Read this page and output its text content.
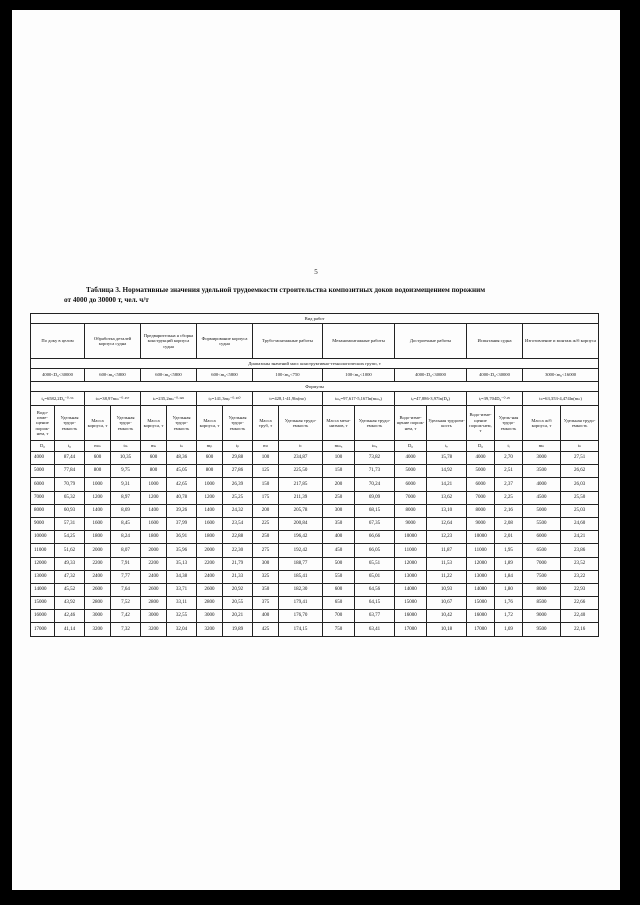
5
Таблица 3. Нормативные значения удельной трудоемкости строительства композитных доков водоизмещением порожним
от 4000 до 30000 т, чел. ч/т
Вид работ																	
По доку в целом		Обработка деталей корпуса судна		Предварительна я сборка конструкций корпуса судна		Формирование корпуса судна		Трубо-монтажные работы		Механомонтажные работы		Достроечные работы		Испытания судна		Изготовление и монтаж ж/б корпуса	
Диапазоны значений масс конструктивно-технологических групп, т																	
4000<D₀<30000		600<m₀<5800		600<m₀<5800		600<m₀<5800		100<m₀<750		100<m₀<1000		4000<D₀<30000		4000<D₀<30000		3000<m₀<16000	
Формулы																	
t₀=6582,2D₀⁻⁰·⁵⁶		tₘ=38,97mₘ⁻⁰·²⁵⁷		tₛ=235,2mₛ⁻⁰·³⁴⁹		tₚ=141,3mₚ⁻⁰·²⁶⁰		tₜ=428,1-41,9ln(mₜ)		tₘₓ=97,617-5,167ln(mₘₓ)		tₑ=47,886-3,97ln(D₀)		tᵢ=39,704D₀⁻⁰·²⁹		tₙ=63,353-4,474ln(mₙ)	
Водо-изме-щение порож-нем, т	Удельная трудо-емкость	Масса корпуса, т	Удельная трудо-емкость	Масса корпуса, т	Удельная трудо-емкость	Масса корпуса, т	Удельная трудо-емкость	Масса труб, т	Удельная трудо-емкость	Масса меха-низмов, т	Удельная трудо-емкость	Водо-изме-щение порож-нем, т	Удельная трудоем-кость	Водо-изме-щение порож-нем, т	Удель-ная трудо-емкость	Масса ж/б корпуса, т	Удельная трудо-емкость
D₀	t₀	mₘ	tₘ	mₛ	tₛ	mₚ	tₚ	mₜ	tₜ	mₘₓ	tₘₓ	D₀	tₑ	D₀	tᵢ	mₙ	tₙ
4000	87,44	600	10,35	600	48,36	600	29,88	100	234,87	100	73,82	4000	15,78	4000	2,70	3000	27,51
5000	77,84	800	9,75	800	45,05	800	27,86	125	225,50	150	71,73	5000	14,92	5000	2,51	3500	26,62
6000	70,79	1000	9,31	1000	42,65	1000	26,39	150	217,85	200	70,24	6000	14,21	6000	2,37	4000	26,03
7000	65,32	1200	8,97	1200	40,78	1200	25,25	175	211,39	250	69,09	7000	13,62	7000	2,25	4500	25,50
8000	60,93	1400	8,69	1400	39,26	1400	24,32	200	205,78	300	68,15	8000	13,10	8000	2,16	5000	25,03
9000	57,31	1600	8,45	1600	37,99	1600	23,54	225	200,84	350	67,35	9000	12,64	9000	2,08	5500	24,60
10000	54,25	1800	8,24	1800	36,91	1800	22,88	250	196,42	400	66,66	10000	12,23	10000	2,01	6000	24,21
11000	51,62	2000	8,07	2000	35,96	2000	22,30	275	192,42	450	66,05	11000	11,87	11000	1,95	6500	23,86
12000	49,33	2200	7,91	2200	35,13	2200	21,79	300	188,77	500	65,51	12000	11,53	12000	1,89	7000	23,52
13000	47,32	2400	7,77	2400	34,38	2400	21,33	325	185,41	550	65,01	13000	11,22	13000	1,84	7500	23,22
14000	45,52	2600	7,64	2600	33,71	2600	20,92	350	182,30	600	64,56	14000	10,93	14000	1,80	8000	22,93
15000	43,92	2800	7,52	2800	33,11	2800	20,55	375	179,41	650	64,15	15000	10,67	15000	1,76	8500	22,66
16000	42,46	3000	7,42	3000	32,55	3000	20,21	400	176,70	700	63,77	16000	10,42	16000	1,72	9000	22,40
17000	41,14	3200	7,32	3200	32,04	3200	19,89	425	174,15	750	63,41	17000	10,18	17000	1,69	9500	22,16
